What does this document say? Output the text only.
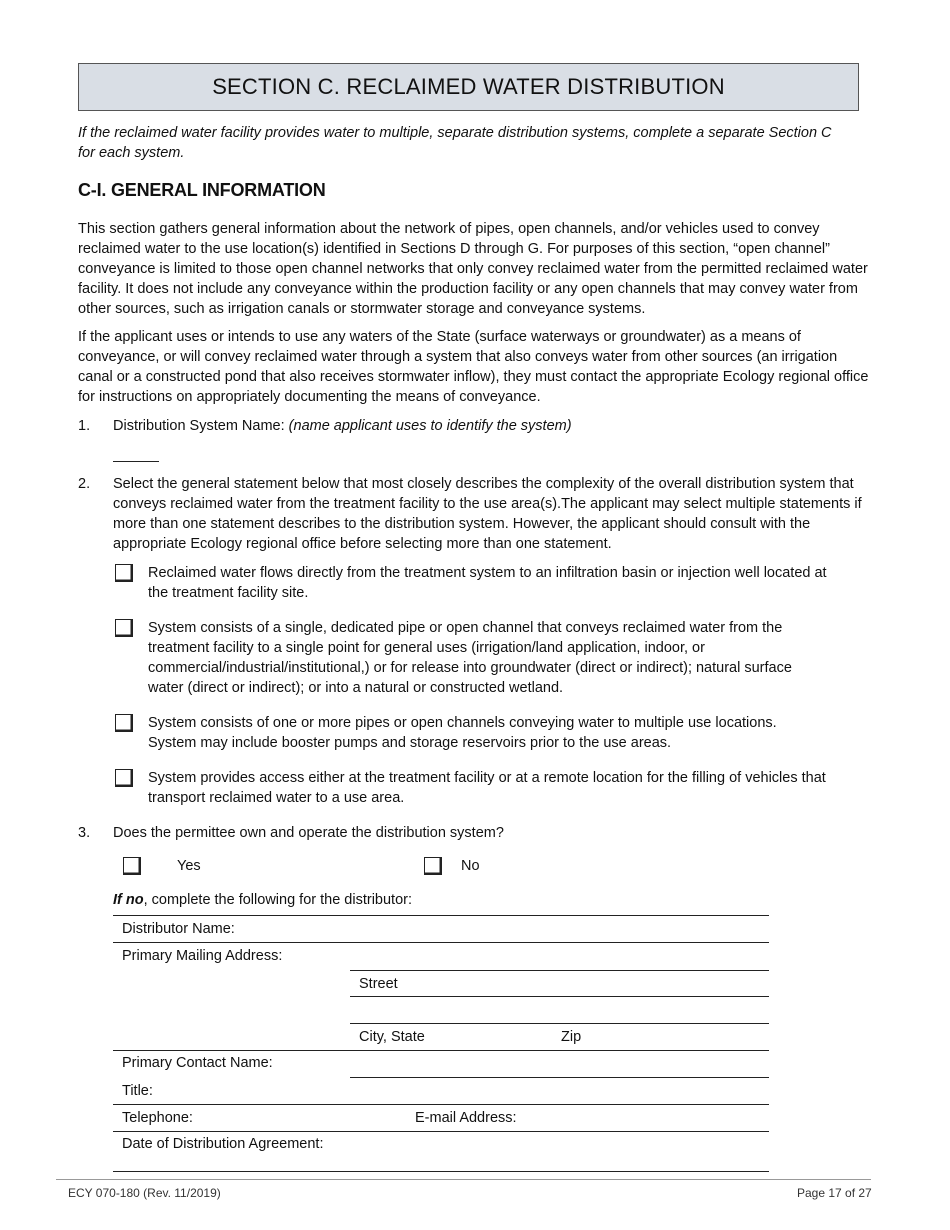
SECTION C. RECLAIMED WATER DISTRIBUTION
If the reclaimed water facility provides water to multiple, separate distribution systems, complete a separate Section C for each system.
C-I. GENERAL INFORMATION
This section gathers general information about the network of pipes, open channels, and/or vehicles used to convey reclaimed water to the use location(s) identified in Sections D through G. For purposes of this section, “open channel” conveyance is limited to those open channel networks that only convey reclaimed water from the permitted reclaimed water facility. It does not include any conveyance within the production facility or any open channels that may convey water from other sources, such as irrigation canals or stormwater storage and conveyance systems.
If the applicant uses or intends to use any waters of the State (surface waterways or groundwater) as a means of conveyance, or will convey reclaimed water through a system that also conveys water from other sources (an irrigation canal or a constructed pond that also receives stormwater inflow), they must contact the appropriate Ecology regional office for instructions on appropriately documenting the means of conveyance.
1. Distribution System Name: (name applicant uses to identify the system)
2. Select the general statement below that most closely describes the complexity of the overall distribution system that conveys reclaimed water from the treatment facility to the use area(s).The applicant may select multiple statements if more than one statement describes to the distribution system. However, the applicant should consult with the appropriate Ecology regional office before selecting more than one statement.
Reclaimed water flows directly from the treatment system to an infiltration basin or injection well located at the treatment facility site.
System consists of a single, dedicated pipe or open channel that conveys reclaimed water from the treatment facility to a single point for general uses (irrigation/land application, indoor, or commercial/industrial/institutional,) or for release into groundwater (direct or indirect); natural surface water (direct or indirect); or into a natural or constructed wetland.
System consists of one or more pipes or open channels conveying water to multiple use locations. System may include booster pumps and storage reservoirs prior to the use areas.
System provides access either at the treatment facility or at a remote location for the filling of vehicles that transport reclaimed water to a use area.
3. Does the permittee own and operate the distribution system?
Yes	No
If no, complete the following for the distributor:
Distributor Name:
Primary Mailing Address:
Street
City, State	Zip
Primary Contact Name:
Title:
Telephone:	E-mail Address:
Date of Distribution Agreement:
ECY 070-180 (Rev. 11/2019)	Page 17 of 27
